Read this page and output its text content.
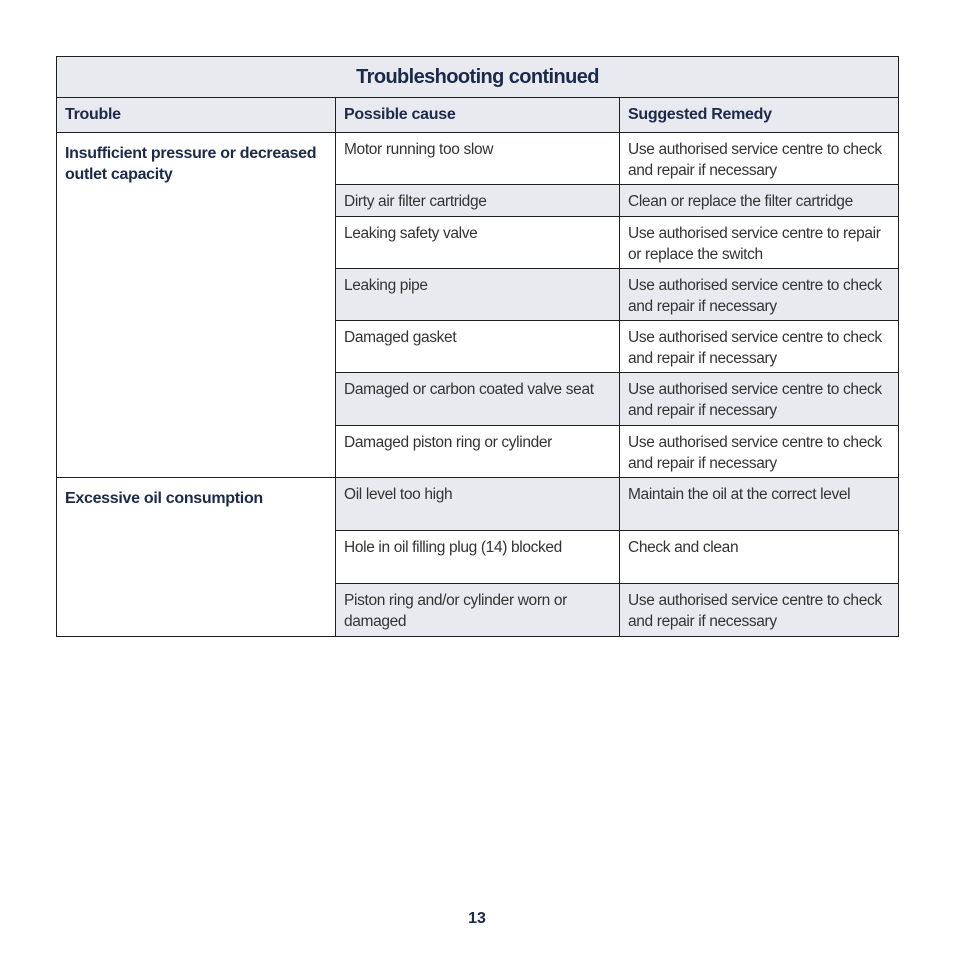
Troubleshooting continued		
Trouble	Possible cause	Suggested Remedy
Insufficient pressure or decreased outlet capacity	Motor running too slow	Use authorised service centre to check and repair if necessary
	Dirty air filter cartridge	Clean or replace the filter cartridge
	Leaking safety valve	Use authorised service centre to repair or replace the switch
	Leaking pipe	Use authorised service centre to check and repair if necessary
	Damaged gasket	Use authorised service centre to check and repair if necessary
	Damaged or carbon coated valve seat	Use authorised service centre to check and repair if necessary
	Damaged piston ring or cylinder	Use authorised service centre to check and repair if necessary
Excessive oil consumption	Oil level too high	Maintain the oil at the correct level
	Hole in oil filling plug (14) blocked	Check and clean
	Piston ring and/or cylinder worn or damaged	Use authorised service centre to check and repair if necessary
13
